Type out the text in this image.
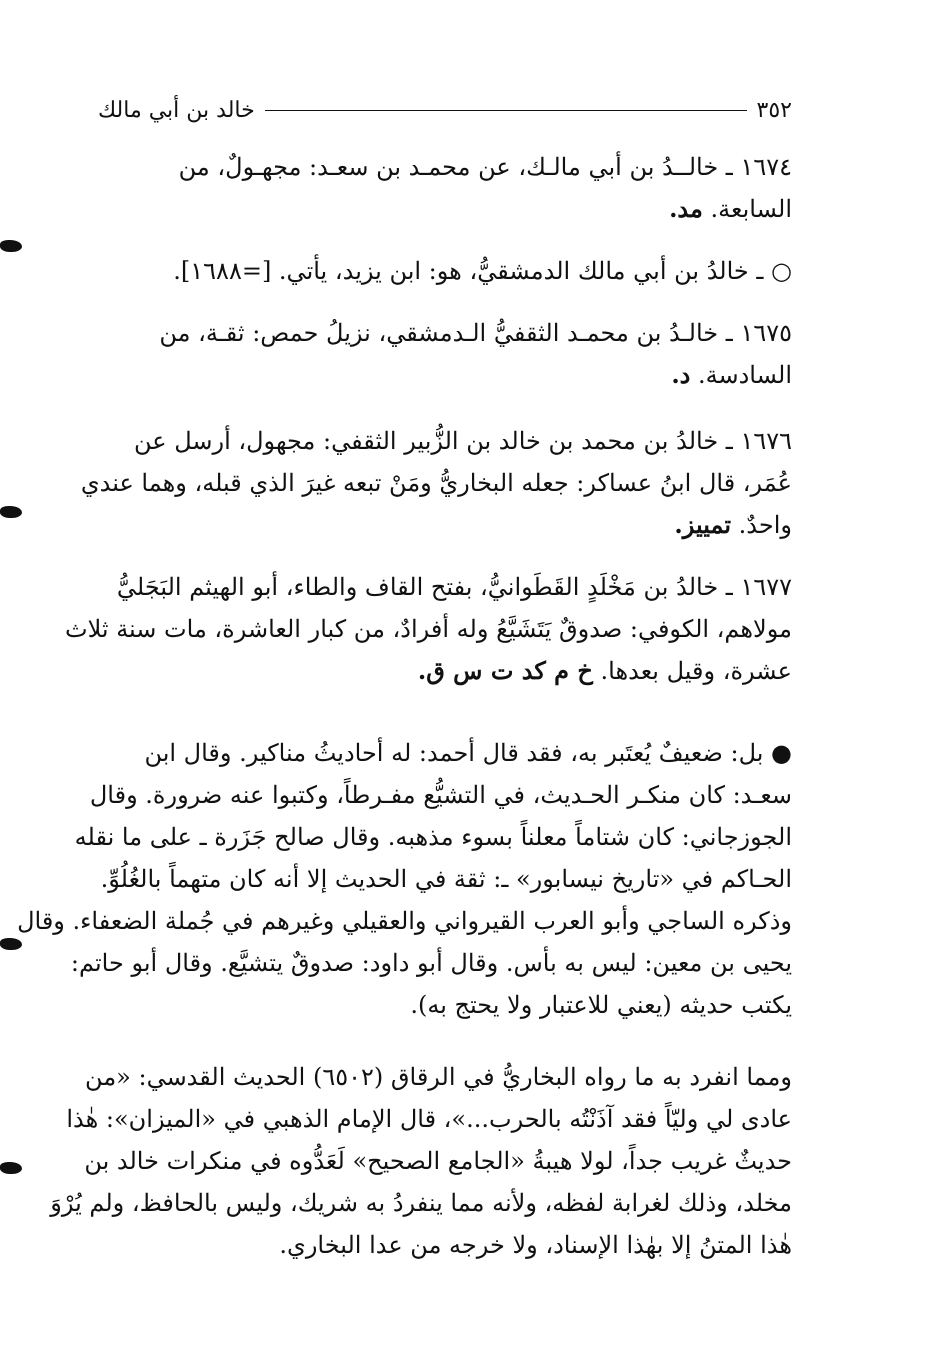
٣٥٢
خالد بن أبي مالك
١٦٧٤ ـ خالــدُ بن أبي مالـك، عن محمـد بن سعـد: مجهـولٌ، من
السابعة. مد.
○ ـ خالدُ بن أبي مالك الدمشقيُّ، هو: ابن يزيد، يأتي. [=١٦٨٨].
١٦٧٥ ـ خالـدُ بن محمـد الثقفيُّ الـدمشقي، نزيلُ حمص: ثقـة، من
السادسة. د.
١٦٧٦ ـ خالدُ بن محمد بن خالد بن الزُّبير الثقفي: مجهول، أرسل عن
عُمَر، قال ابنُ عساكر: جعله البخاريُّ ومَنْ تبعه غيرَ الذي قبله، وهما عندي
واحدٌ. تمييز.
١٦٧٧ ـ خالدُ بن مَخْلَدٍ القَطَوانيُّ، بفتح القاف والطاء، أبو الهيثم البَجَليُّ
مولاهم، الكوفي: صدوقٌ يَتَشَيَّعُ وله أفرادٌ، من كبار العاشرة، مات سنة ثلاث
عشرة، وقيل بعدها. خ م كد ت س ق.
● بل: ضعيفٌ يُعتَبر به، فقد قال أحمد: له أحاديثُ مناكير. وقال ابن
سعـد: كان منكـر الحـديث، في التشيُّع مفـرطاً، وكتبوا عنه ضرورة. وقال
الجوزجاني: كان شتاماً معلناً بسوء مذهبه. وقال صالح جَزَرة ـ على ما نقله
الحـاكم في «تاريخ نيسابور» ـ: ثقة في الحديث إلا أنه كان متهماً بالغُلُوِّ.
وذكره الساجي وأبو العرب القيرواني والعقيلي وغيرهم في جُملة الضعفاء. وقال
يحيى بن معين: ليس به بأس. وقال أبو داود: صدوقٌ يتشيَّع. وقال أبو حاتم:
يكتب حديثه (يعني للاعتبار ولا يحتج به).
ومما انفرد به ما رواه البخاريُّ في الرقاق (٦٥٠٢) الحديث القدسي: «من
عادى لي وليّاً فقد آذَنْتُه بالحرب...»، قال الإمام الذهبي في «الميزان»: هٰذا
حديثٌ غريب جداً، لولا هيبةُ «الجامع الصحيح» لَعَدُّوه في منكرات خالد بن
مخلد، وذلك لغرابة لفظه، ولأنه مما ينفردُ به شريك، وليس بالحافظ، ولم يُرْوَ
هٰذا المتنُ إلا بهٰذا الإسناد، ولا خرجه من عدا البخاري.
